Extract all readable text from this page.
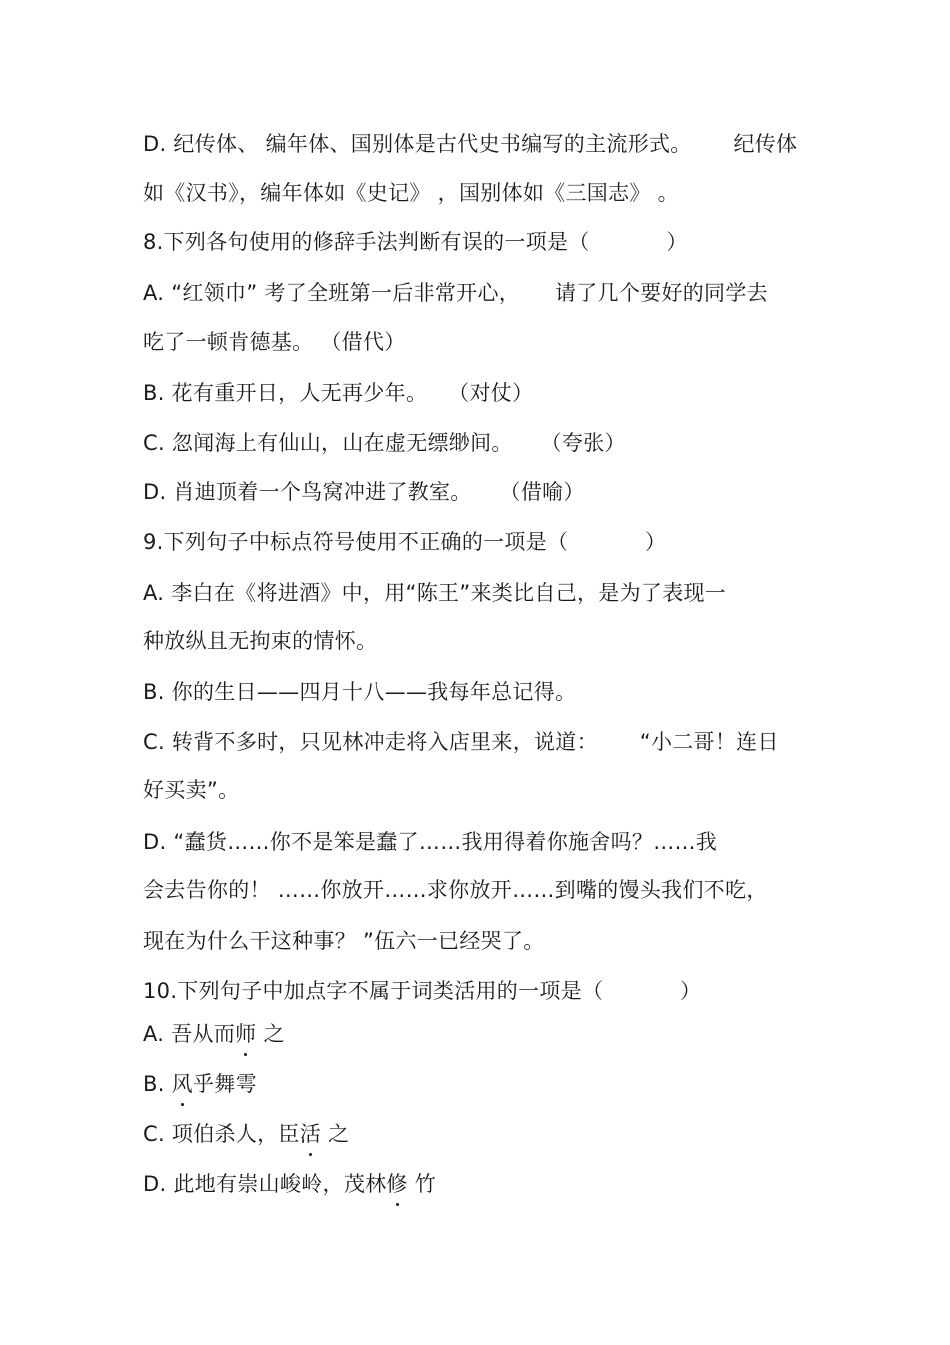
D. 纪传体、 编年体、国别体是古代史书编写的主流形式。      纪传体

如《汉书》，编年体如《史记》 ，国别体如《三国志》 。

8.下列各句使用的修辞手法判断有误的一项是（           ）

A. “红领巾” 考了全班第一后非常开心，     请了几个要好的同学去

吃了一顿肯德基。 （借代）

B. 花有重开日，人无再少年。   （对仗）

C. 忽闻海上有仙山，山在虚无缥缈间。    （夸张）

D. 肖迪顶着一个鸟窝冲进了教室。    （借喻）

9.下列句子中标点符号使用不正确的一项是（           ）

A. 李白在《将进酒》中，用“陈王”来类比自己，是为了表现一

种放纵且无拘束的情怀。

B. 你的生日——四月十八——我每年总记得。

C. 转背不多时，只见林冲走将入店里来，说道：      “小二哥！连日

好买卖”。

D. “蠢货……你不是笨是蠢了……我用得着你施舍吗？……我

会去告你的！ ……你放开……求你放开……到嘴的馒头我们不吃，

现在为什么干这种事？ ”伍六一已经哭了。

10.下列句子中加点字不属于词类活用的一项是（           ）

A. 吾从而师 之

B. 风乎舞雩

C. 项伯杀人，臣活 之

D. 此地有崇山峻岭，茂林修 竹
